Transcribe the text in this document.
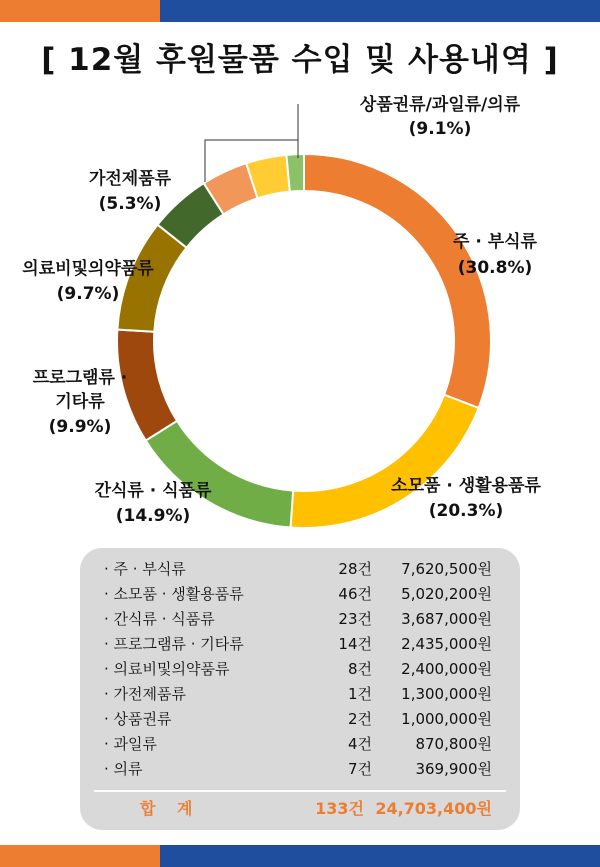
[ 12월 후원물품 수입 및 사용내역 ]
상품권류/과일류/의류
(9.1%)
주 · 부식류
(30.8%)
소모품 · 생활용품류
(20.3%)
간식류 · 식품류
(14.9%)
프로그램류 ·
기타류
(9.9%)
의료비및의약품류
(9.7%)
가전제품류
(5.3%)
· 주 · 부식류	28건	7,620,500원
· 소모품 · 생활용품류	46건	5,020,200원
· 간식류 · 식품류	23건	3,687,000원
· 프로그램류 · 기타류	14건	2,435,000원
· 의료비및의약품류	8건	2,400,000원
· 가전제품류	1건	1,300,000원
· 상품권류	2건	1,000,000원
· 과일류	4건	870,800원
· 의류	7건	369,900원
합 계	133건 24,703,400원
